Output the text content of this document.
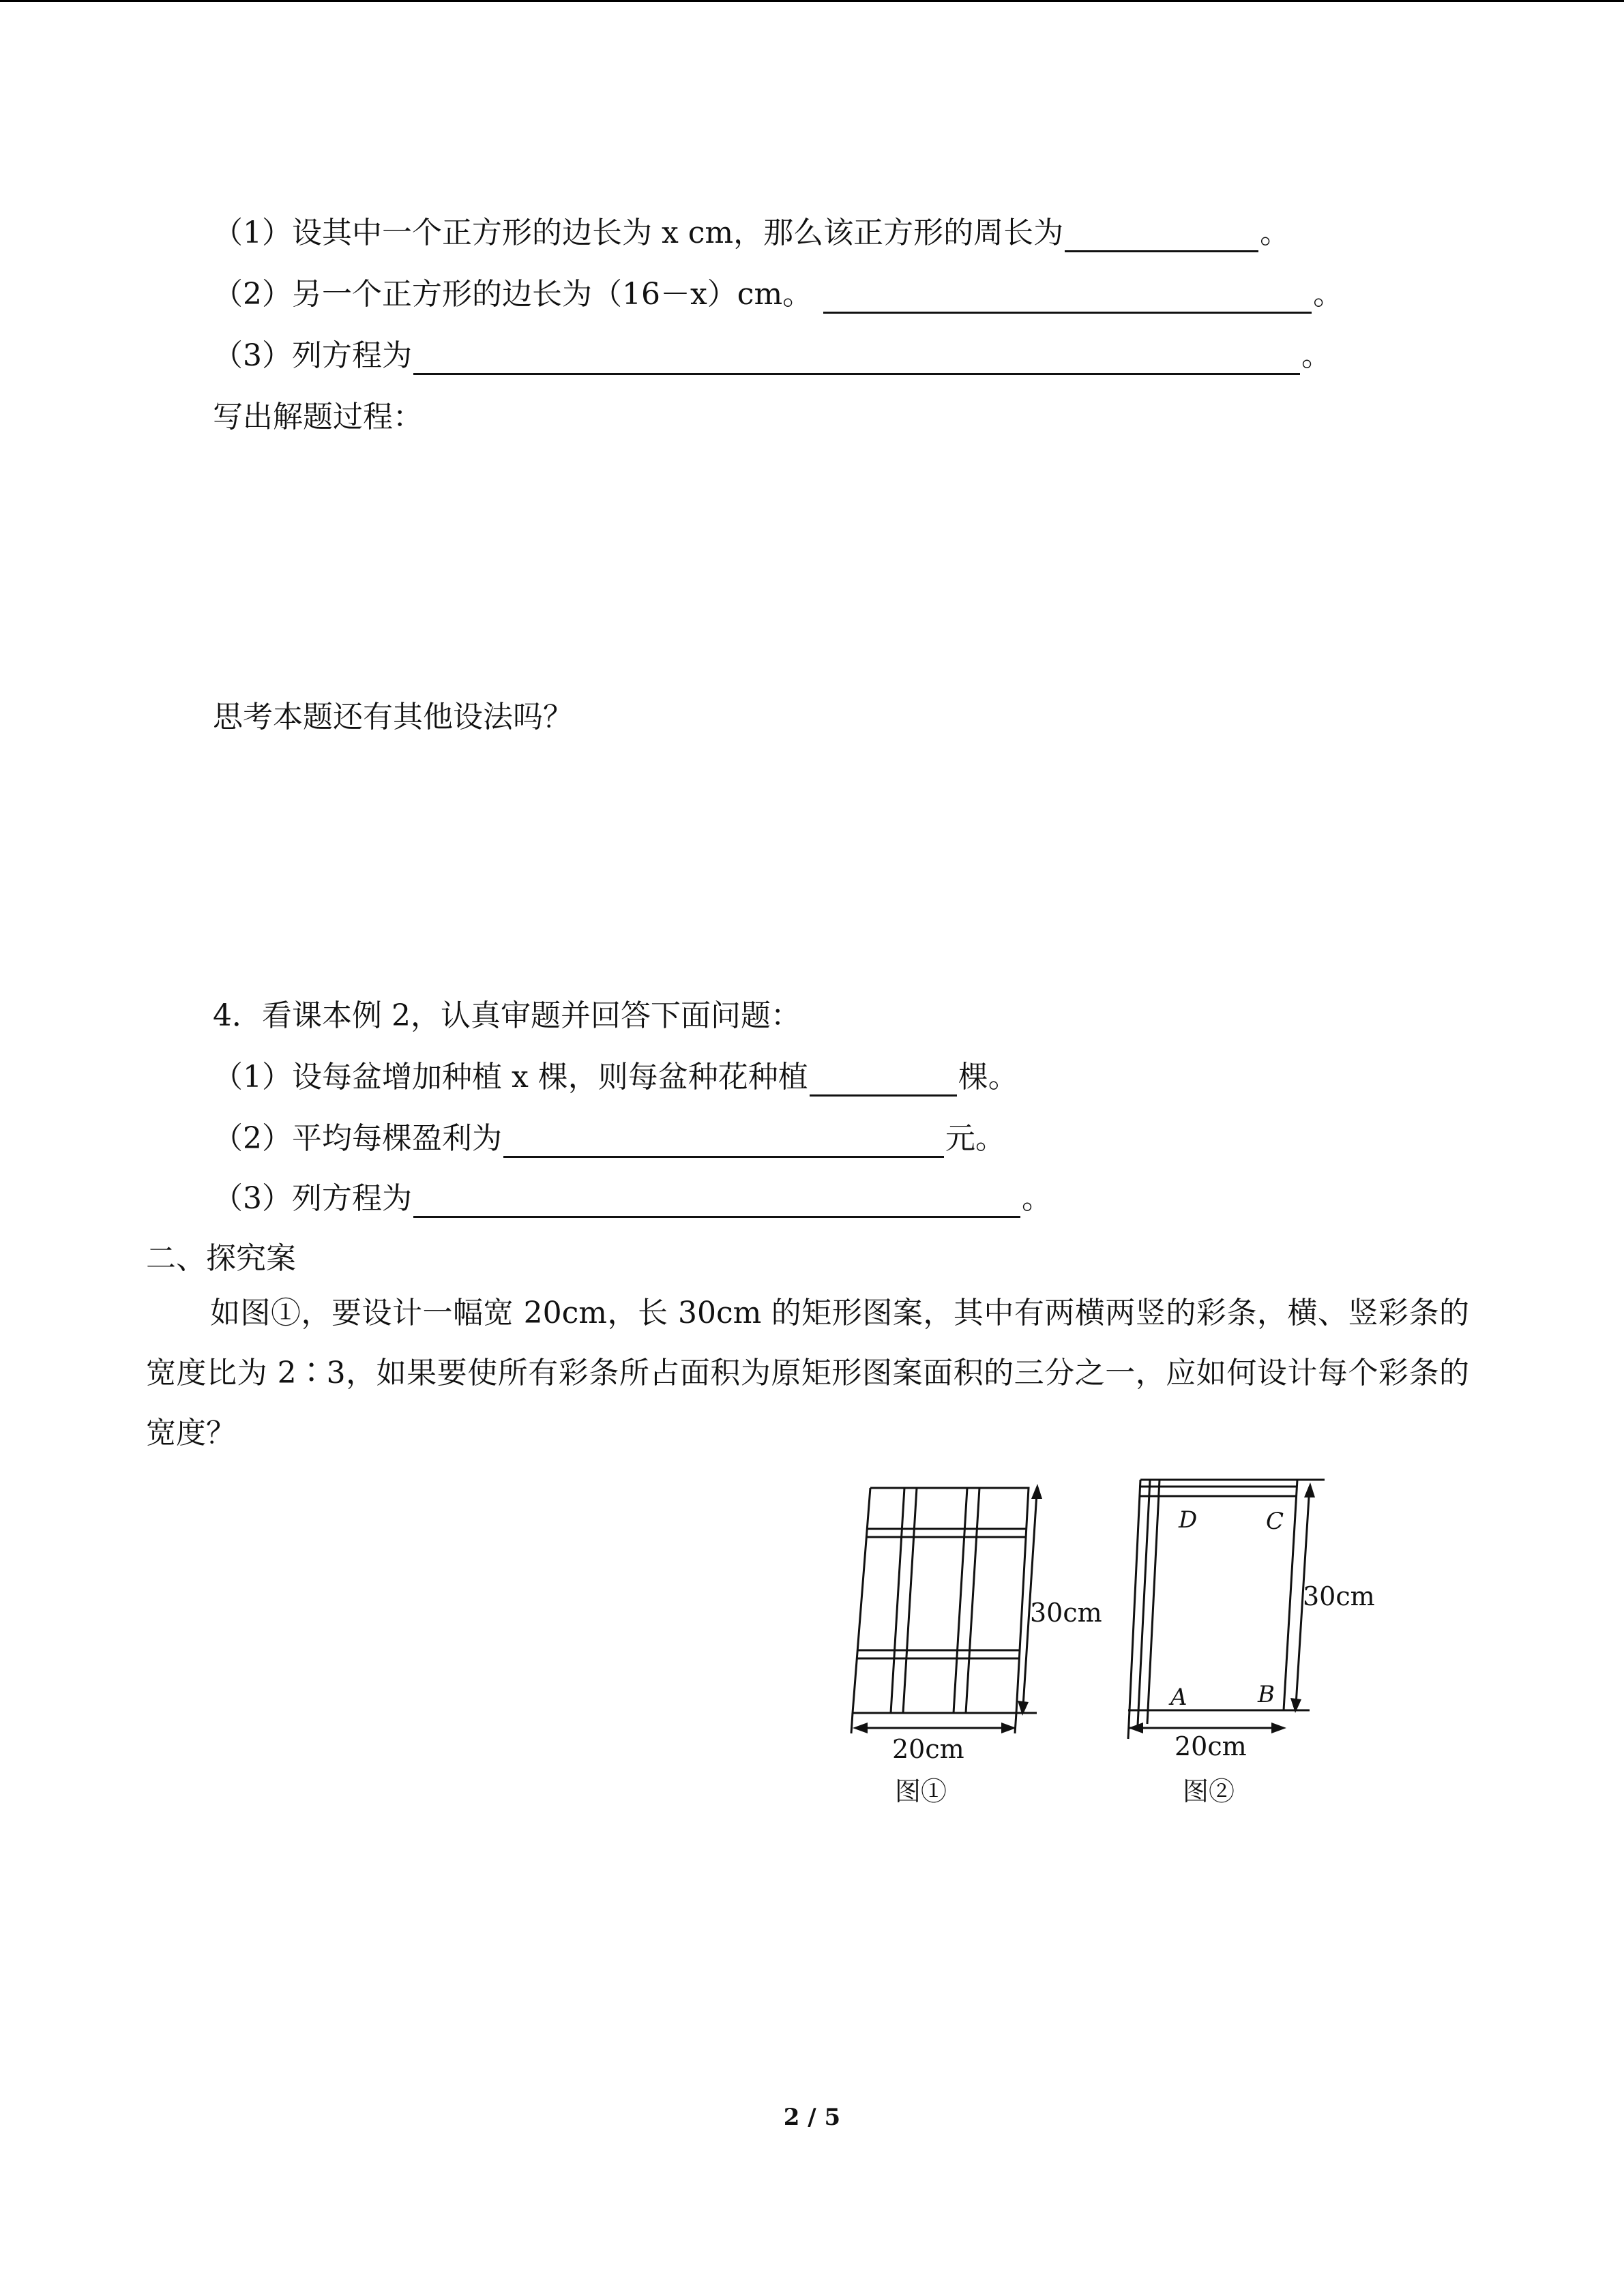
（1）设其中一个正方形的边长为 x cm，那么该正方形的周长为	。
（2）另一个正方形的边长为（16－x）cm。	。
（3）列方程为	。
写出解题过程：
思考本题还有其他设法吗？
4．看课本例 2，认真审题并回答下面问题：
（1）设每盆增加种植 x 棵，则每盆种花种植	棵。
（2）平均每棵盈利为	元。
（3）列方程为	。
二、探究案
如图①，要设计一幅宽 20cm，长 30cm 的矩形图案，其中有两横两竖的彩条，横、竖彩条的宽度比为 2∶3，如果要使所有彩条所占面积为原矩形图案面积的三分之一，应如何设计每个彩条的宽度？
30cm
20cm
图①
D	C
A	B
30cm
20cm
图②
2 / 5
